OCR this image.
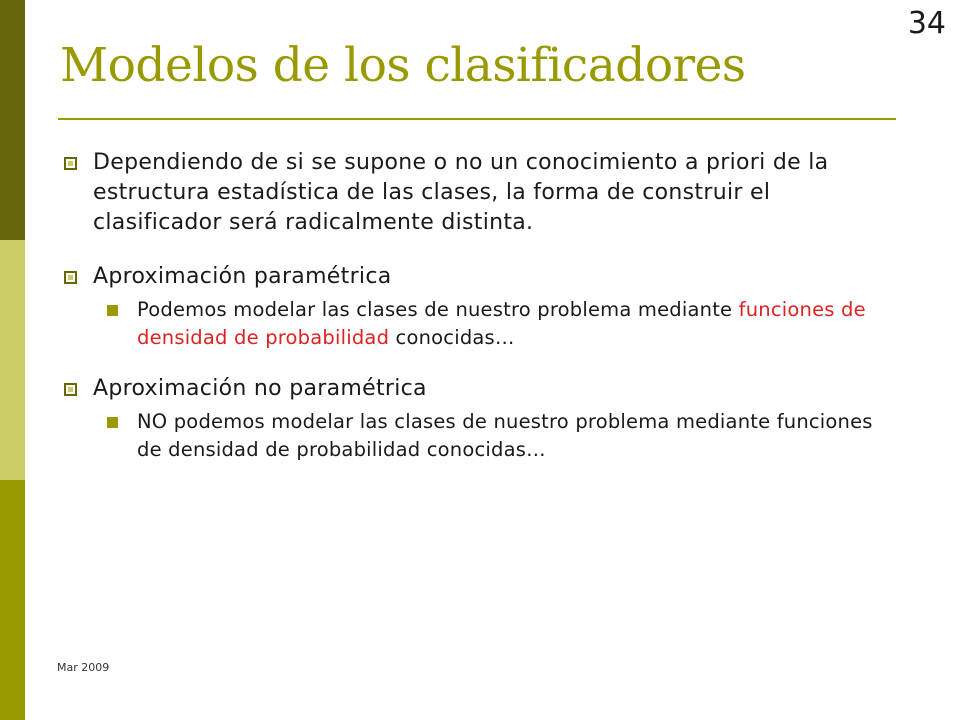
34
Modelos de los clasificadores
Dependiendo de si se supone o no un conocimiento a priori de la estructura estadística de las clases, la forma de construir el clasificador será radicalmente distinta.
Aproximación paramétrica
Podemos modelar las clases de nuestro problema mediante funciones de densidad de probabilidad conocidas…
Aproximación no paramétrica
NO podemos modelar las clases de nuestro problema mediante funciones de densidad de probabilidad conocidas…
Mar 2009
